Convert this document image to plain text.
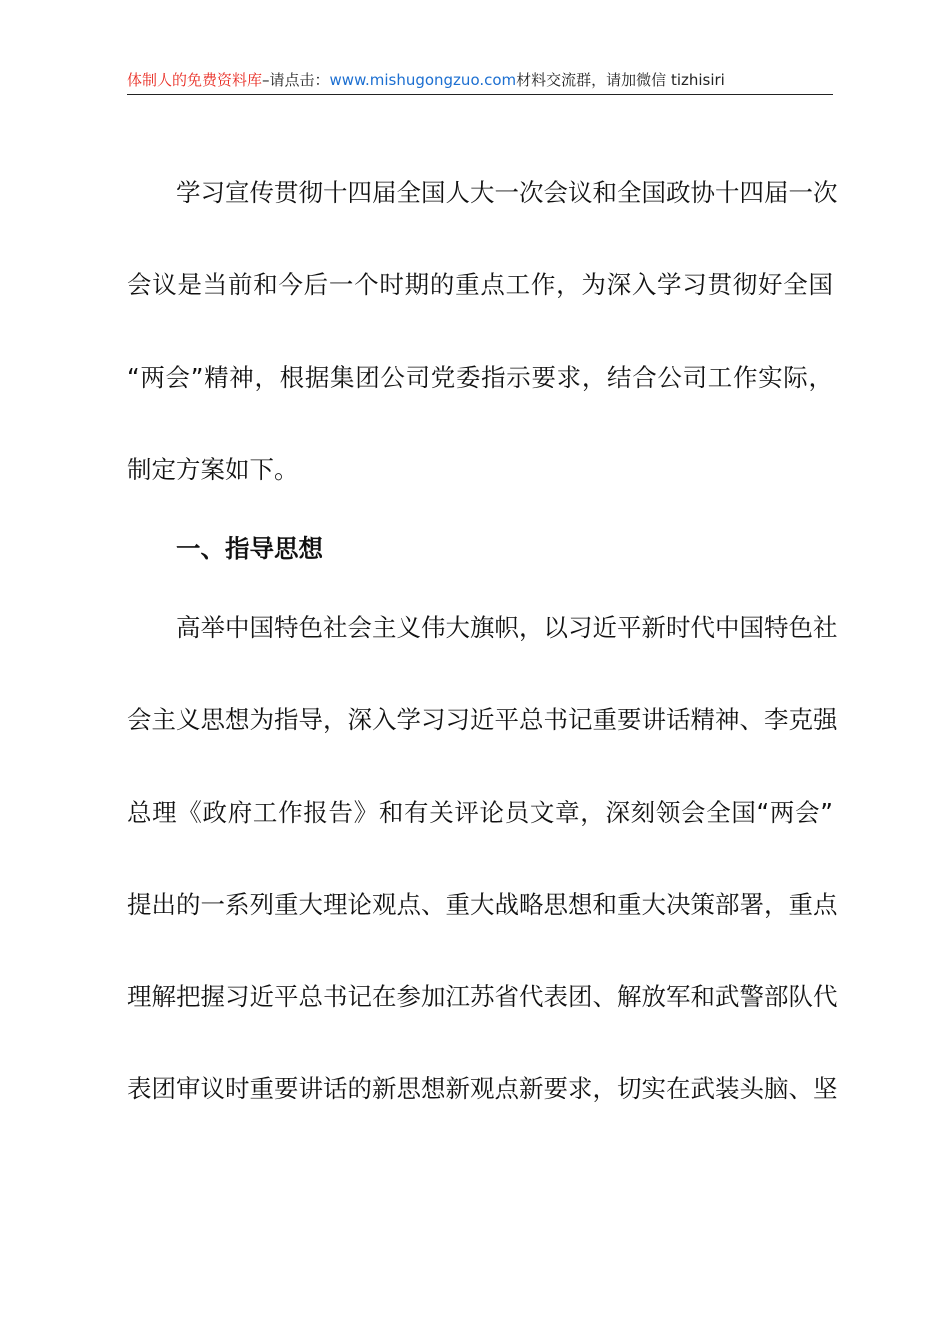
体制人的免费资料库–请点击：www.mishugongzuo.com材料交流群，请加微信 tizhisiri
学习宣传贯彻十四届全国人大一次会议和全国政协十四届一次
会议是当前和今后一个时期的重点工作，为深入学习贯彻好全国
“两会”精神，根据集团公司党委指示要求，结合公司工作实际，
制定方案如下。
一、指导思想
高举中国特色社会主义伟大旗帜，以习近平新时代中国特色社
会主义思想为指导，深入学习习近平总书记重要讲话精神、李克强
总理《政府工作报告》和有关评论员文章，深刻领会全国“两会”
提出的一系列重大理论观点、重大战略思想和重大决策部署，重点
理解把握习近平总书记在参加江苏省代表团、解放军和武警部队代
表团审议时重要讲话的新思想新观点新要求，切实在武装头脑、坚
